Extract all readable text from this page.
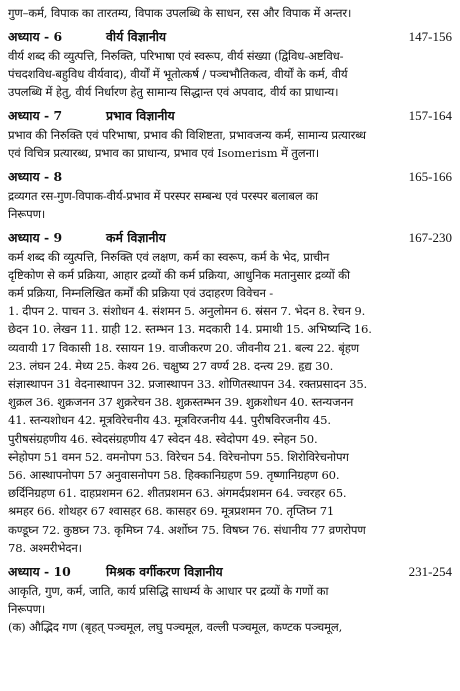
गुण–कर्म, विपाक का तारतम्य, विपाक उपलब्धि के साधन, रस और विपाक में अन्तर।
अध्याय - 6	वीर्य विज्ञानीय	147-156
वीर्य शब्द की व्युत्पत्ति, निरुक्ति, परिभाषा एवं स्वरूप, वीर्य संख्या (द्विविध-अष्टविध-
पंचदशविध-बहुविध वीर्यवाद), वीर्यों में भूतोत्कर्ष / पञ्चभौतिकत्व, वीर्यों के कर्म, वीर्य
उपलब्धि में हेतु, वीर्य निर्धारण हेतु सामान्य सिद्धान्त एवं अपवाद, वीर्य का प्राधान्य।
अध्याय - 7	प्रभाव विज्ञानीय	157-164
प्रभाव की निरुक्ति एवं परिभाषा, प्रभाव की विशिष्टता, प्रभावजन्य कर्म, सामान्य प्रत्यारब्ध
एवं विचित्र प्रत्यारब्ध, प्रभाव का प्राधान्य, प्रभाव एवं Isomerism में तुलना।
अध्याय - 8	165-166
द्रव्यगत रस-गुण-विपाक-वीर्य-प्रभाव में परस्पर सम्बन्ध एवं परस्पर बलाबल का
निरूपण।
अध्याय - 9	कर्म विज्ञानीय	167-230
कर्म शब्द की व्युत्पत्ति, निरुक्ति एवं लक्षण, कर्म का स्वरूप, कर्म के भेद, प्राचीन
दृष्टिकोण से कर्म प्रक्रिया, आहार द्रव्यों की कर्म प्रक्रिया, आधुनिक मतानुसार द्रव्यों की
कर्म प्रक्रिया, निम्नलिखित कर्मों की प्रक्रिया एवं उदाहरण विवेचन -
1. दीपन 2. पाचन 3. संशोधन 4. संशमन 5. अनुलोमन 6. स्रंसन 7. भेदन 8. रेचन 9.
छेदन 10. लेखन 11. ग्राही 12. स्तम्भन 13. मदकारी 14. प्रमाथी 15. अभिष्यन्दि 16.
व्यवायी 17 विकासी 18. रसायन 19. वाजीकरण 20. जीवनीय 21. बल्य 22. बृंहण
23. लंघन 24. मेध्य 25. केश्य 26. चक्षुष्य 27 वर्ण्य 28. दन्त्य 29. हृद्य 30.
संज्ञास्थापन 31 वेदनास्थापन 32. प्रजास्थापन 33. शोणितस्थापन 34. रक्तप्रसादन 35.
शुक्रल 36. शुक्रजनन 37 शुक्ररेचन 38. शुक्रस्तम्भन 39. शुक्रशोधन 40. स्तन्यजनन
41. स्तन्यशोधन 42. मूत्रविरेचनीय 43. मूत्रविरजनीय 44. पुरीषविरजनीय 45.
पुरीषसंग्रहणीय 46. स्वेदसंग्रहणीय 47 स्वेदन 48. स्वेदोपग 49. स्नेहन 50.
स्नेहोपग 51 वमन 52. वमनोपग 53. विरेचन 54. विरेचनोपग 55. शिरोविरेचनोपग
56. आस्थापनोपग 57 अनुवासनोपग 58. हिक्कानिग्रहण 59. तृष्णानिग्रहण 60.
छर्दिनिग्रहण 61. दाहप्रशमन 62. शीतप्रशमन 63. अंगमर्दप्रशमन 64. ज्वरहर 65.
श्रमहर 66. शोथहर 67 श्वासहर 68. कासहर 69. मूत्रप्रशमन 70. तृप्तिघ्न 71
कण्डूघ्न 72. कुष्ठघ्न 73. कृमिघ्न 74. अर्शोघ्न 75. विषघ्न 76. संधानीय 77 व्रणरोपण
78. अश्मरीभेदन।
अध्याय - 10	मिश्रक वर्गीकरण विज्ञानीय	231-254
आकृति, गुण, कर्म, जाति, कार्य प्रसिद्धि साधर्म्य के आधार पर द्रव्यों के गणों का
निरूपण।
(क) औद्भिद गण (बृहत् पञ्चमूल, लघु पञ्चमूल, वल्ली पञ्चमूल, कण्टक पञ्चमूल,
